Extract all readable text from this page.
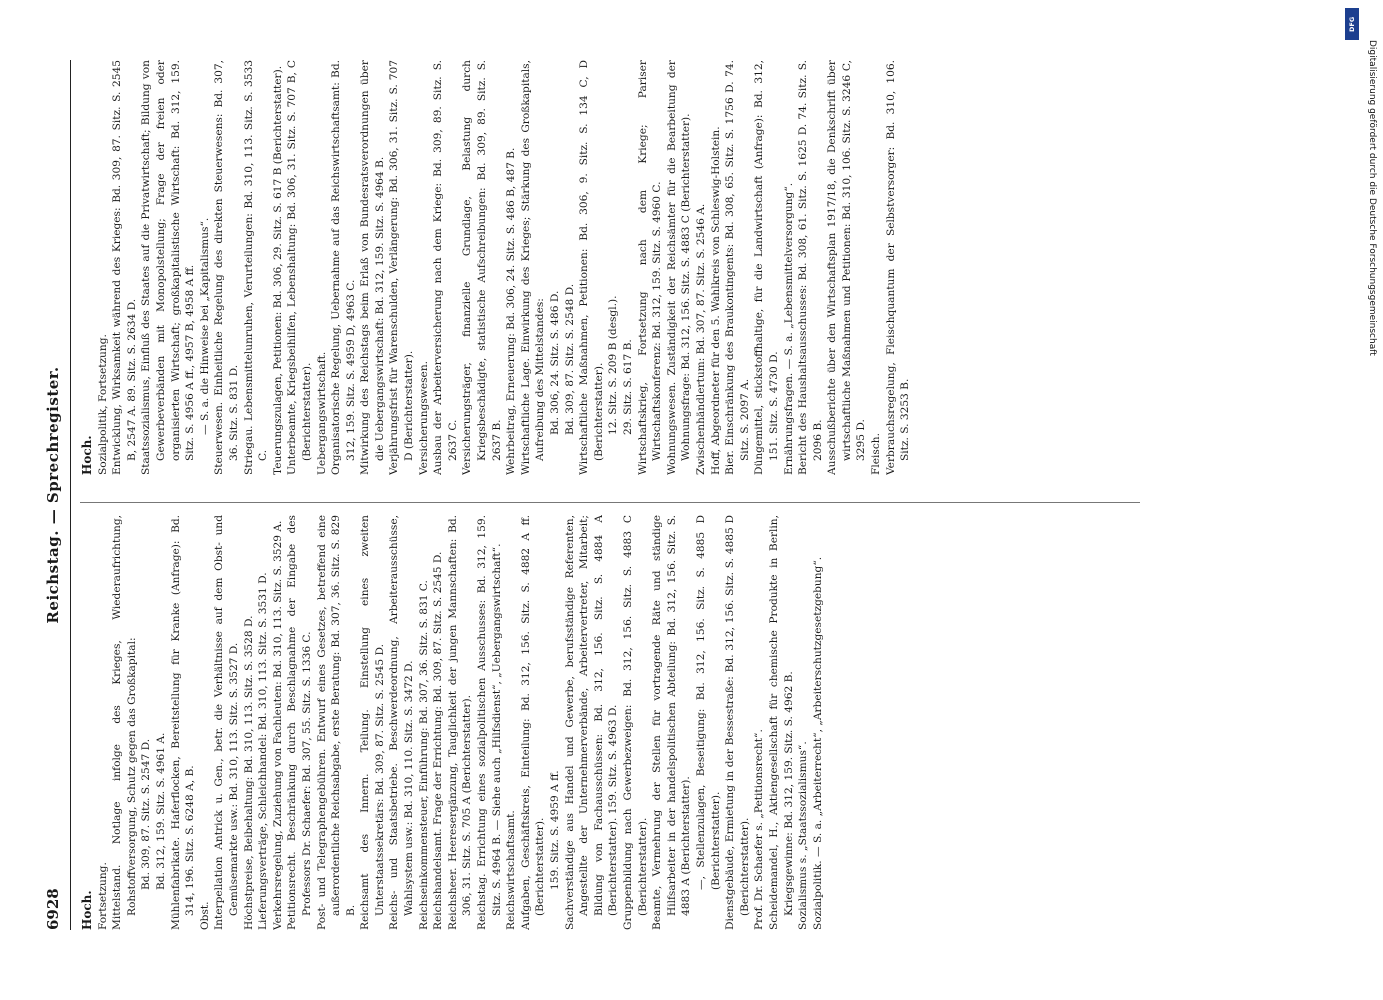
6928
Reichstag. — Sprechregister.
Hoch. Fortsetzung. Mittelstand. Notlage infolge des Krieges, Wiederaufrichtung, Rohstoffversorgung, Schutz gegen das Großkapital: Bd. 309, 87. Sitz. S. 2547 D. Bd. 312, 159. Sitz. S. 4961 A. Mühlenfabrikate. Haferflocken, Bereitstellung für Kranke (Anfrage): Bd. 314, 196. Sitz. S. 6248 A, B. Obst. Interpellation Antrick u. Gen., betr. die Verhältnisse auf dem Obst- und Gemüsemarkte usw.: Bd. 310, 113. Sitz. S. 3527 D. Höchstpreise, Beibehaltung: Bd. 310, 113. Sitz. S. 3528 D. Lieferungsverträge, Schleichhandel: Bd. 310, 113. Sitz. S. 3531 D. Verkehrsregelung, Zuziehung von Fachleuten: Bd. 310, 113. Sitz. S. 3529 A. Petitionsrecht. Beschränkung durch Beschlagnahme der Eingabe des Professors Dr. Schaefer: Bd. 307, 55. Sitz. S. 1336 C. Post- und Telegraphengebühren. Entwurf eines Gesetzes, betreffend eine außerordentliche Reichsabgabe, erste Beratung: Bd. 307, 36. Sitz. S. 829 B. Reichsamt des Innern. Teilung. Einstellung eines zweiten Unterstaatssekretärs: Bd. 309, 87. Sitz. S. 2545 D. Reichs- und Staatsbetriebe. Beschwerdeordnung, Arbeiterausschüsse, Wahlsystem usw.: Bd. 310, 110. Sitz. S. 3472 D. Reichseinkommensteuer, Einführung: Bd. 307, 36. Sitz. S. 831 C. Reichshandelsamt. Frage der Errichtung: Bd. 309, 87. Sitz. S. 2545 D. Reichsheer. Heeresergänzung, Tauglichkeit der jungen Mannschaften: Bd. 306, 31. Sitz. S. 705 A (Berichterstatter). Reichstag. Errichtung eines sozialpolitischen Ausschusses: Bd. 312, 159. Sitz. S. 4964 B. — Siehe auch „Hilfsdienst“, „Uebergangswirtschaft“. Reichswirtschaftsamt. Aufgaben, Geschäftskreis, Einteilung: Bd. 312, 156. Sitz. S. 4882 A ff. (Berichterstatter). 159. Sitz. S. 4959 A ff. Sachverständige aus Handel und Gewerbe, berufsständige Referenten, Angestellte der Unternehmerverbände, Arbeitervertreter, Mitarbeit; Bildung von Fachausschüssen: Bd. 312, 156. Sitz. S. 4884 A (Berichterstatter). 159. Sitz. S. 4963 D. Gruppenbildung nach Gewerbezweigen: Bd. 312, 156. Sitz. S. 4883 C (Berichterstatter). Beamte, Vermehrung der Stellen für vortragende Räte und ständige Hilfsarbeiter in der handelspolitischen Abteilung: Bd. 312, 156. Sitz. S. 4883 A (Berichterstatter). —, Stellenzulagen, Beseitigung: Bd. 312, 156. Sitz. S. 4885 D (Berichterstatter). Dienstgebäude, Ermietung in der Bessestraße: Bd. 312, 156. Sitz. S. 4885 D (Berichterstatter). Prof. Dr. Schaefer s. „Petitionsrecht“. Scheidemandel, H., Aktiengesellschaft für chemische Produkte in Berlin, Kriegsgewinne: Bd. 312, 159. Sitz. S. 4962 B. Sozialismus s. „Staatssozialismus“. Sozialpolitik. — S. a. „Arbeiterrecht“, „Arbeiterschutzgesetzgebung“.

Hoch. Sozialpolitik, Fortsetzung. Entwicklung, Wirksamkeit während des Krieges: Bd. 309, 87. Sitz. S. 2545 B, 2547 A. 89. Sitz. S. 2634 D. Staatssozialismus, Einfluß des Staates auf die Privatwirtschaft; Bildung von Gewerbeverbänden mit Monopolstellung; Frage der freien oder organisierten Wirtschaft; großkapitalistische Wirtschaft: Bd. 312, 159. Sitz. S. 4956 A ff., 4957 B, 4958 A ff. — S. a. die Hinweise bei „Kapitalismus“. Steuerwesen. Einheitliche Regelung des direkten Steuerwesens: Bd. 307, 36. Sitz. S. 831 D. Striegau. Lebensmittelunruhen, Verurteilungen: Bd. 310, 113. Sitz. S. 3533 C. Teuerungszulagen, Petitionen: Bd. 306, 29. Sitz. S. 617 B (Berichterstatter). Unterbeamte, Kriegsbeihilfen, Lebenshaltung: Bd. 306, 31. Sitz. S. 707 B, C (Berichterstatter). Uebergangswirtschaft. Organisatorische Regelung, Uebernahme auf das Reichswirtschaftsamt: Bd. 312, 159. Sitz. S. 4959 D, 4963 C. Mitwirkung des Reichstags beim Erlaß von Bundesratsverordnungen über die Uebergangswirtschaft: Bd. 312, 159. Sitz. S. 4964 B. Verjährungsfrist für Warenschulden, Verlängerung: Bd. 306, 31. Sitz. S. 707 D (Berichterstatter). Versicherungswesen. Ausbau der Arbeiterversicherung nach dem Kriege: Bd. 309, 89. Sitz. S. 2637 C. Versicherungsträger, finanzielle Grundlage, Belastung durch Kriegsbeschädigte, statistische Aufschreibungen: Bd. 309, 89. Sitz. S. 2637 B. Wehrbeitrag, Erneuerung: Bd. 306, 24. Sitz. S. 486 B, 487 B. Wirtschaftliche Lage. Einwirkung des Krieges; Stärkung des Großkapitals, Aufreibung des Mittelstandes: Bd. 306, 24. Sitz. S. 486 D. Bd. 309, 87. Sitz. S. 2548 D. Wirtschaftliche Maßnahmen, Petitionen: Bd. 306, 9. Sitz. S. 134 C, D (Berichterstatter). 12. Sitz. S. 209 B (desgl.). 29. Sitz. S. 617 B. Wirtschaftskrieg, Fortsetzung nach dem Kriege; Pariser Wirtschaftskonferenz: Bd. 312, 159. Sitz. S. 4960 C. Wohnungswesen. Zuständigkeit der Reichsämter für die Bearbeitung der Wohnungsfrage: Bd. 312, 156. Sitz. S. 4883 C (Berichterstatter). Zwischenhändlertum: Bd. 307, 87. Sitz. S. 2546 A. Hoff, Abgeordneter für den 5. Wahlkreis von Schleswig-Holstein. Bier. Einschränkung des Braukontingents: Bd. 308, 65. Sitz. S. 1756 D. 74. Sitz. S. 2097 A. Düngemittel, stickstoffhaltige, für die Landwirtschaft (Anfrage): Bd. 312, 151. Sitz. S. 4730 D. Ernährungsfragen. — S. a. „Lebensmittelversorgung“. Bericht des Haushaltsausschusses: Bd. 308, 61. Sitz. S. 1625 D. 74. Sitz. S. 2096 B. Ausschußberichte über den Wirtschaftsplan 1917/18, die Denkschrift über wirtschaftliche Maßnahmen und Petitionen: Bd. 310, 106. Sitz. S. 3246 C, 3295 D. Fleisch. Verbrauchsregelung, Fleischquantum der Selbstversorger: Bd. 310, 106. Sitz. S. 3253 B.

Digitalisierung gefördert durch die Deutsche Forschungsgemeinschaft
DFG
